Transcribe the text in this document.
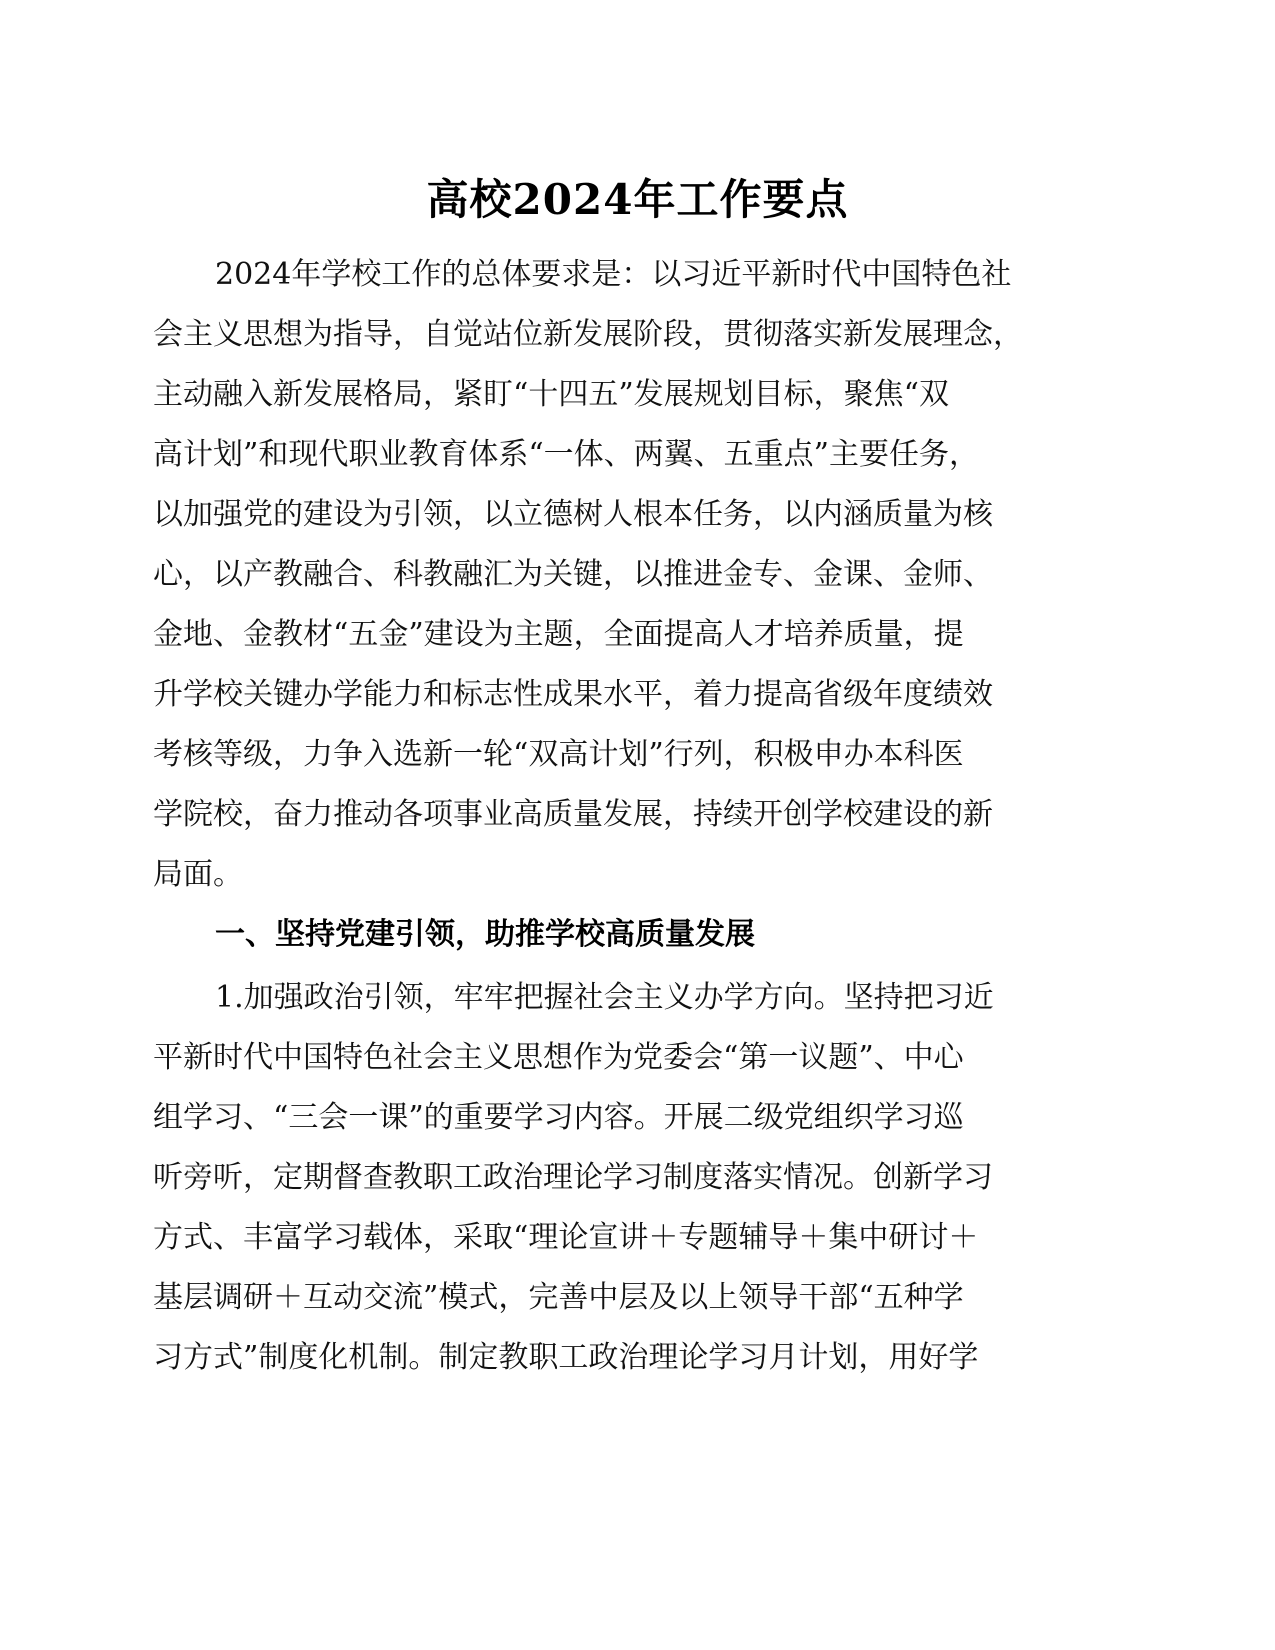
高校2024年工作要点
2024年学校工作的总体要求是：以习近平新时代中国特色社
会主义思想为指导，自觉站位新发展阶段，贯彻落实新发展理念，
主动融入新发展格局，紧盯“十四五”发展规划目标，聚焦“双
高计划”和现代职业教育体系“一体、两翼、五重点”主要任务，
以加强党的建设为引领，以立德树人根本任务，以内涵质量为核
心，以产教融合、科教融汇为关键，以推进金专、金课、金师、
金地、金教材“五金”建设为主题，全面提高人才培养质量，提
升学校关键办学能力和标志性成果水平，着力提高省级年度绩效
考核等级，力争入选新一轮“双高计划”行列，积极申办本科医
学院校，奋力推动各项事业高质量发展，持续开创学校建设的新
局面。
一、坚持党建引领，助推学校高质量发展
1.加强政治引领，牢牢把握社会主义办学方向。坚持把习近
平新时代中国特色社会主义思想作为党委会“第一议题”、中心
组学习、“三会一课”的重要学习内容。开展二级党组织学习巡
听旁听，定期督查教职工政治理论学习制度落实情况。创新学习
方式、丰富学习载体，采取“理论宣讲＋专题辅导＋集中研讨＋
基层调研＋互动交流”模式，完善中层及以上领导干部“五种学
习方式”制度化机制。制定教职工政治理论学习月计划，用好学
